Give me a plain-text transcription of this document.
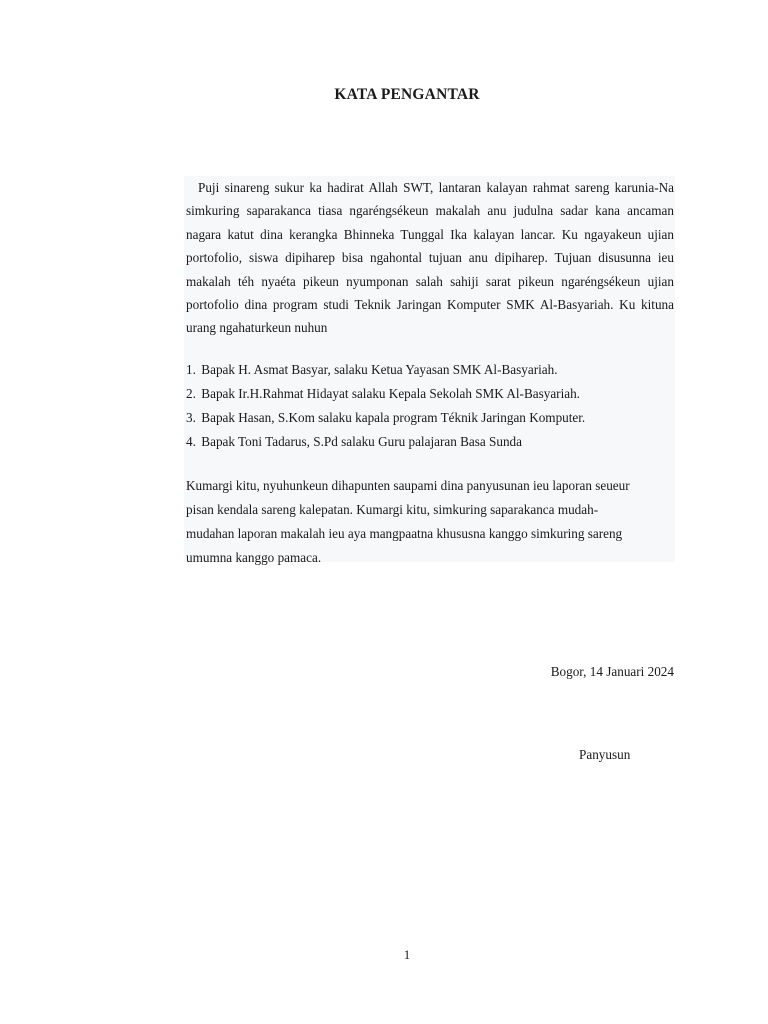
KATA PENGANTAR

Puji sinareng sukur ka hadirat Allah SWT, lantaran kalayan rahmat sareng karunia-Na simkuring saparakanca tiasa ngaréngsékeun makalah anu judulna sadar kana ancaman nagara katut dina kerangka Bhinneka Tunggal Ika kalayan lancar. Ku ngayakeun ujian portofolio, siswa dipiharep bisa ngahontal tujuan anu dipiharep. Tujuan disusunna ieu makalah téh nyaéta pikeun nyumponan salah sahiji sarat pikeun ngaréngsékeun ujian portofolio dina program studi Teknik Jaringan Komputer SMK Al-Basyariah. Ku kituna urang ngahaturkeun nuhun

1. Bapak H. Asmat Basyar, salaku Ketua Yayasan SMK Al-Basyariah.
2. Bapak Ir.H.Rahmat Hidayat salaku Kepala Sekolah SMK Al-Basyariah.
3. Bapak Hasan, S.Kom salaku kapala program Téknik Jaringan Komputer.
4. Bapak Toni Tadarus, S.Pd salaku Guru palajaran Basa Sunda

Kumargi kitu, nyuhunkeun dihapunten saupami dina panyusunan ieu laporan seueur pisan kendala sareng kalepatan. Kumargi kitu, simkuring saparakanca mudah-mudahan laporan makalah ieu aya mangpaatna khususna kanggo simkuring sareng umumna kanggo pamaca.

Bogor, 14 Januari 2024
Panyusun
1
